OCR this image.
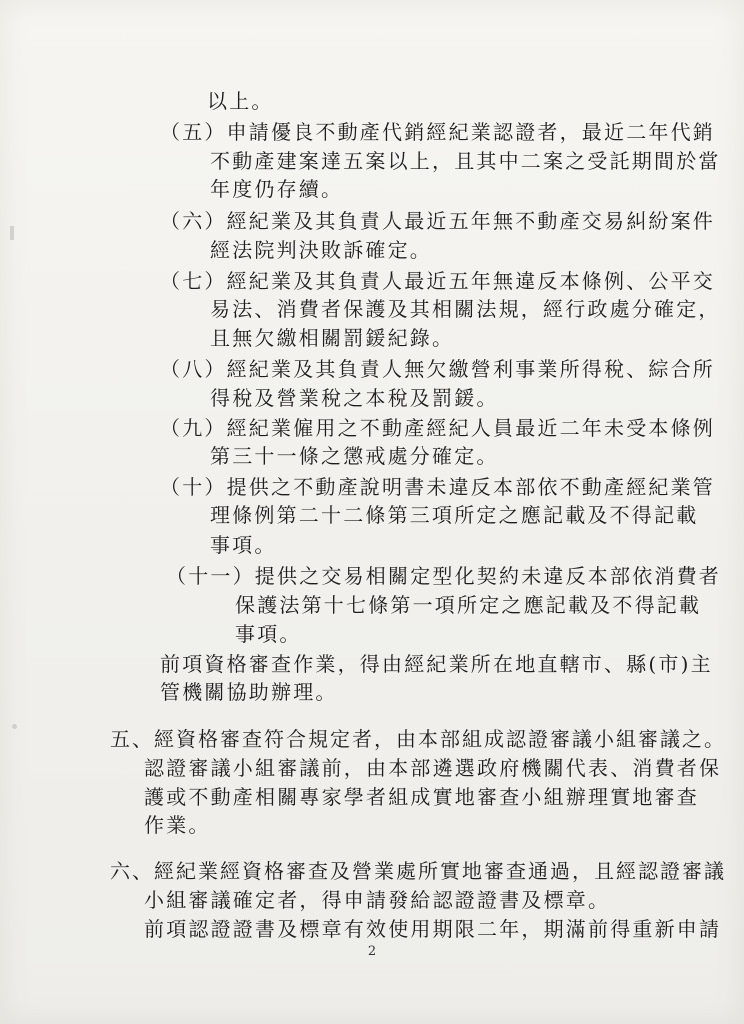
以上。
（五）申請優良不動產代銷經紀業認證者，最近二年代銷
不動產建案達五案以上，且其中二案之受託期間於當
年度仍存續。
（六）經紀業及其負責人最近五年無不動產交易糾紛案件
經法院判決敗訴確定。
（七）經紀業及其負責人最近五年無違反本條例、公平交
易法、消費者保護及其相關法規，經行政處分確定，
且無欠繳相關罰鍰紀錄。
（八）經紀業及其負責人無欠繳營利事業所得稅、綜合所
得稅及營業稅之本稅及罰鍰。
（九）經紀業僱用之不動產經紀人員最近二年未受本條例
第三十一條之懲戒處分確定。
（十）提供之不動產說明書未違反本部依不動產經紀業管
理條例第二十二條第三項所定之應記載及不得記載
事項。
（十一）提供之交易相關定型化契約未違反本部依消費者
保護法第十七條第一項所定之應記載及不得記載
事項。
前項資格審查作業，得由經紀業所在地直轄市、縣(市)主
管機關協助辦理。
五、經資格審查符合規定者，由本部組成認證審議小組審議之。
認證審議小組審議前，由本部遴選政府機關代表、消費者保
護或不動產相關專家學者組成實地審查小組辦理實地審查
作業。
六、經紀業經資格審查及營業處所實地審查通過，且經認證審議
小組審議確定者，得申請發給認證證書及標章。
前項認證證書及標章有效使用期限二年，期滿前得重新申請
2
